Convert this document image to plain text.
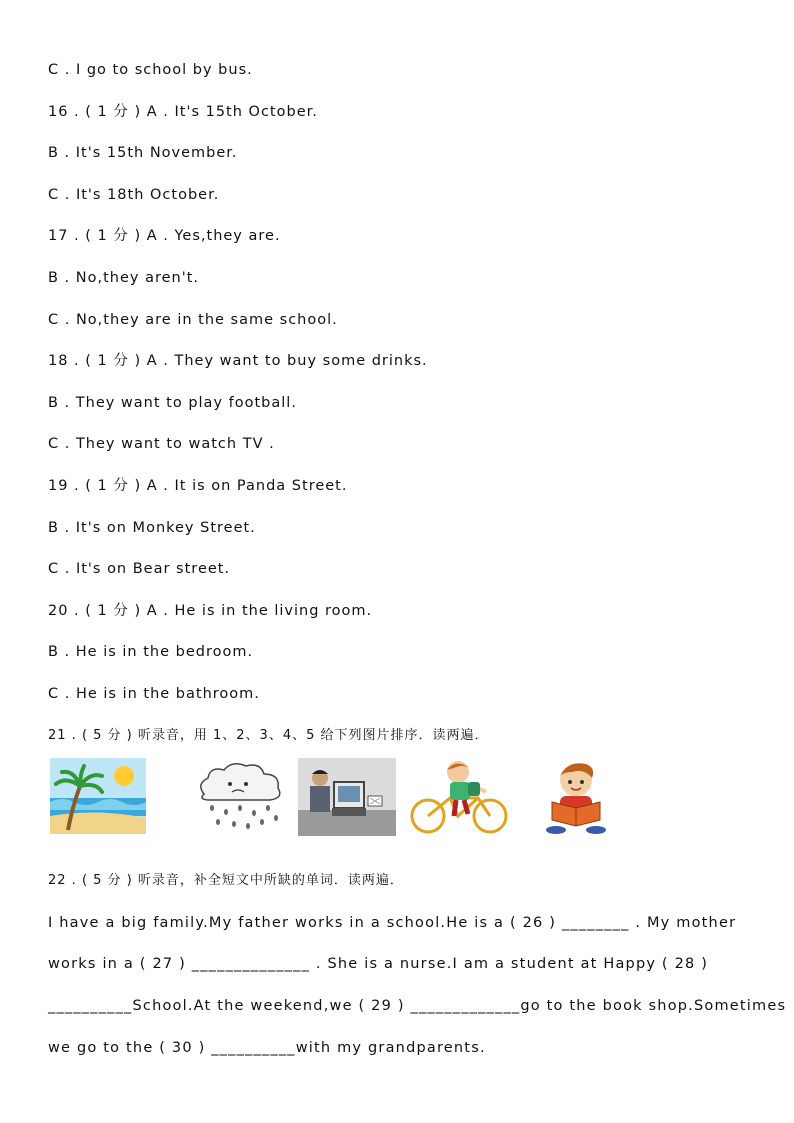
C . I go to school by bus.
16 . ( 1 分 ) A . It's 15th October.
B . It's 15th November.
C . It's 18th October.
17 . ( 1 分 ) A . Yes,they are.
B . No,they aren't.
C . No,they are in the same school.
18 . ( 1 分 ) A . They want to buy some drinks.
B . They want to play football.
C . They want to watch TV .
19 . ( 1 分 ) A . It is on Panda Street.
B . It's on Monkey Street.
C . It's on Bear street.
20 . ( 1 分 ) A . He is in the living room.
B . He is in the bedroom.
C . He is in the bathroom.
21 . ( 5 分 ) 听录音，用 1、2、3、4、5 给下列图片排序．读两遍．
22 . ( 5 分 ) 听录音，补全短文中所缺的单词．读两遍．
I have a big family.My father works in a school.He is a ( 26 ) ________ . My mother
works in a ( 27 ) ______________ . She is a nurse.I am a student at Happy ( 28 )
__________School.At the weekend,we ( 29 ) _____________go to the book shop.Sometimes
we go to the ( 30 ) __________with my grandparents.
